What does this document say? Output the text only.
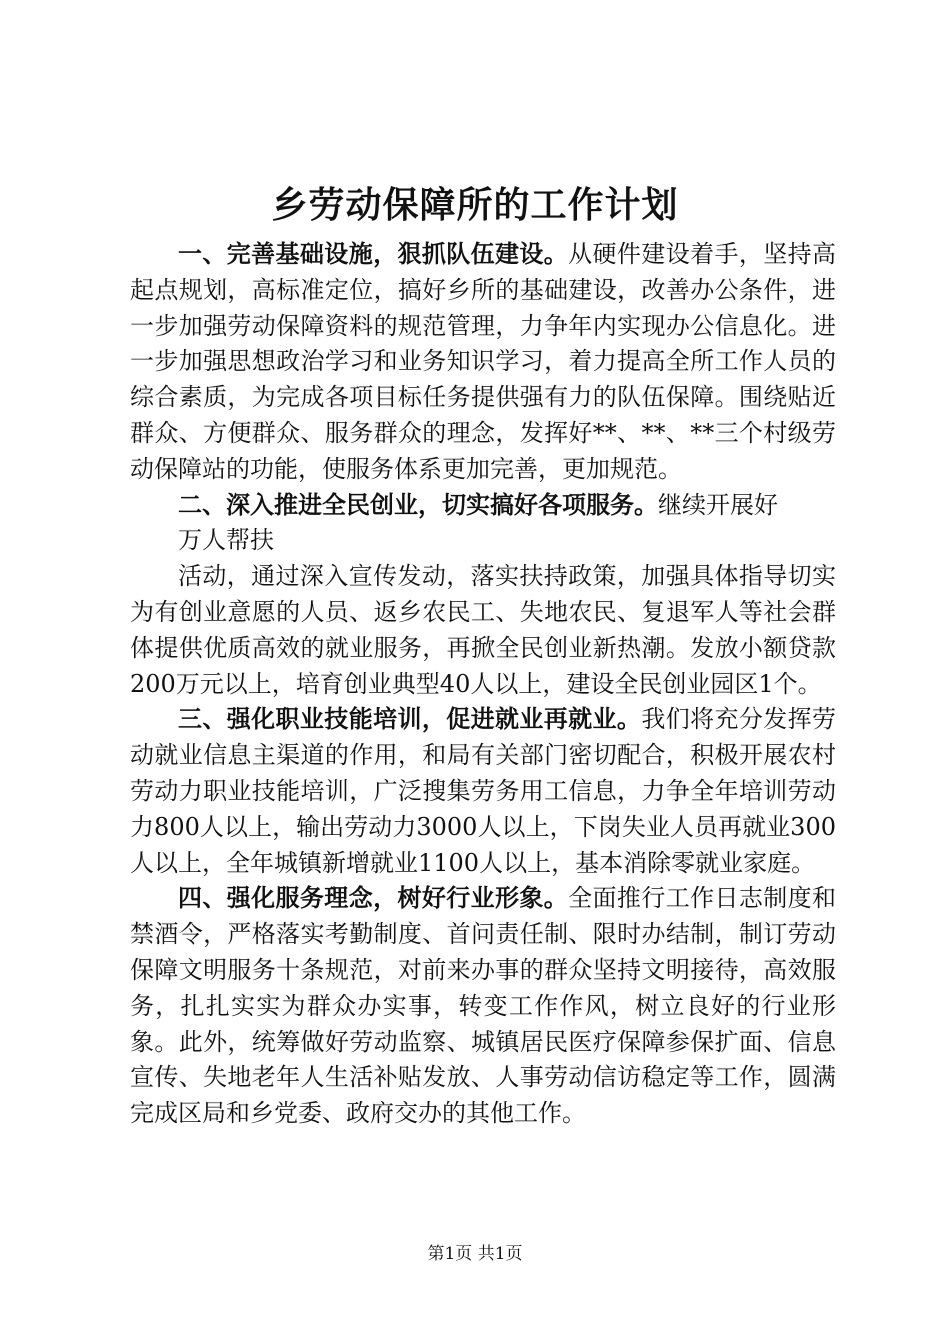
乡劳动保障所的工作计划

一、完善基础设施，狠抓队伍建设。从硬件建设着手，坚持高起点规划，高标准定位，搞好乡所的基础建设，改善办公条件，进一步加强劳动保障资料的规范管理，力争年内实现办公信息化。进一步加强思想政治学习和业务知识学习，着力提高全所工作人员的综合素质，为完成各项目标任务提供强有力的队伍保障。围绕贴近群众、方便群众、服务群众的理念，发挥好**、**、**三个村级劳动保障站的功能，使服务体系更加完善，更加规范。

二、深入推进全民创业，切实搞好各项服务。继续开展好

万人帮扶

活动，通过深入宣传发动，落实扶持政策，加强具体指导切实为有创业意愿的人员、返乡农民工、失地农民、复退军人等社会群体提供优质高效的就业服务，再掀全民创业新热潮。发放小额贷款200万元以上，培育创业典型40人以上，建设全民创业园区1个。

三、强化职业技能培训，促进就业再就业。我们将充分发挥劳动就业信息主渠道的作用，和局有关部门密切配合，积极开展农村劳动力职业技能培训，广泛搜集劳务用工信息，力争全年培训劳动力800人以上，输出劳动力3000人以上，下岗失业人员再就业300人以上，全年城镇新增就业1100人以上，基本消除零就业家庭。

四、强化服务理念，树好行业形象。全面推行工作日志制度和禁酒令，严格落实考勤制度、首问责任制、限时办结制，制订劳动保障文明服务十条规范，对前来办事的群众坚持文明接待，高效服务，扎扎实实为群众办实事，转变工作作风，树立良好的行业形象。此外，统筹做好劳动监察、城镇居民医疗保障参保扩面、信息宣传、失地老年人生活补贴发放、人事劳动信访稳定等工作，圆满完成区局和乡党委、政府交办的其他工作。

第1页 共1页
